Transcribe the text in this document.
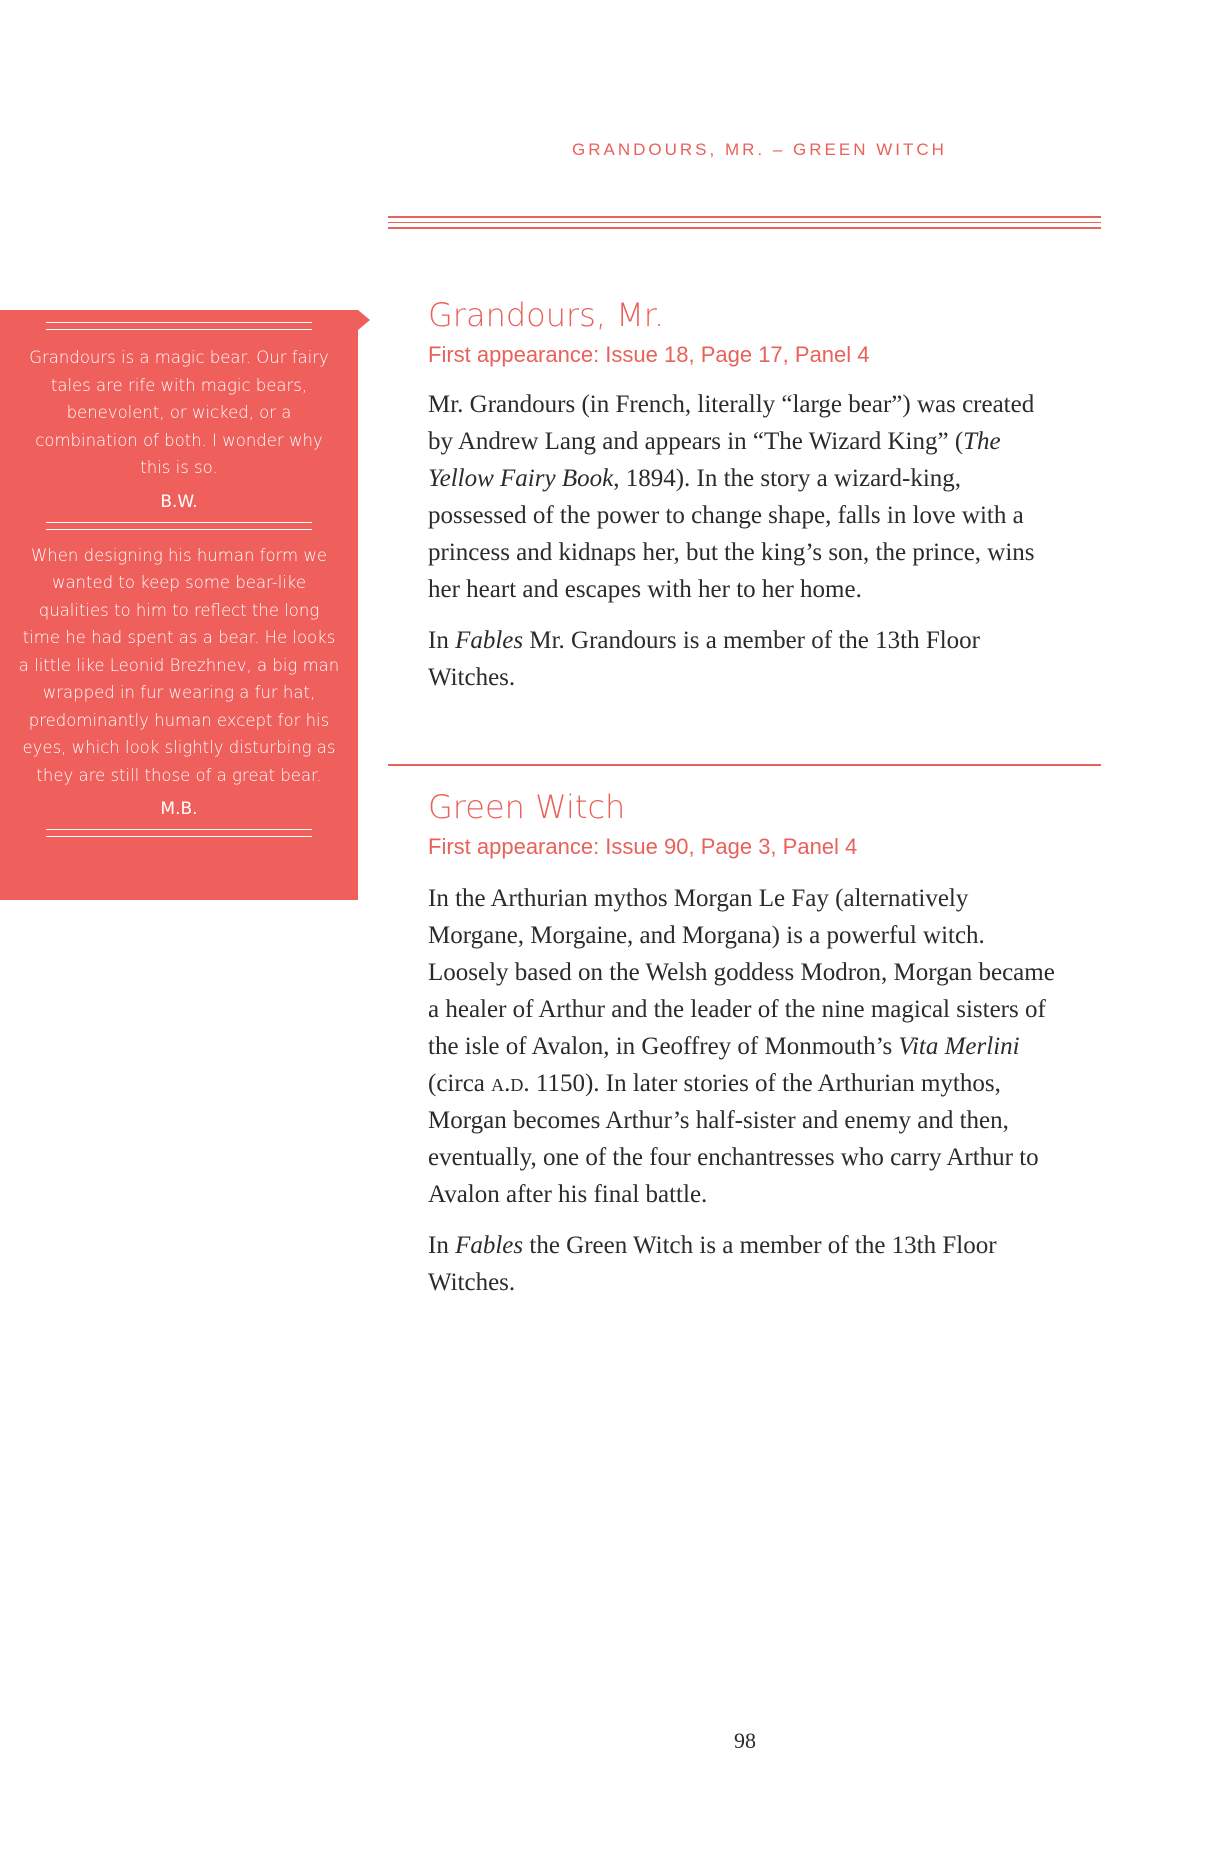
GRANDOURS, MR. – GREEN WITCH

Grandours is a magic bear. Our fairy tales are rife with magic bears, benevolent, or wicked, or a combination of both. I wonder why this is so.

B.W.

When designing his human form we wanted to keep some bear-like qualities to him to reflect the long time he had spent as a bear. He looks a little like Leonid Brezhnev, a big man wrapped in fur wearing a fur hat, predominantly human except for his eyes, which look slightly disturbing as they are still those of a great bear.

M.B.
Grandours, Mr.
First appearance: Issue 18, Page 17, Panel 4

Mr. Grandours (in French, literally “large bear”) was created by Andrew Lang and appears in “The Wizard King” (The Yellow Fairy Book, 1894). In the story a wizard-king, possessed of the power to change shape, falls in love with a princess and kidnaps her, but the king’s son, the prince, wins her heart and escapes with her to her home.

In Fables Mr. Grandours is a member of the 13th Floor Witches.

Green Witch
First appearance: Issue 90, Page 3, Panel 4

In the Arthurian mythos Morgan Le Fay (alternatively Morgane, Morgaine, and Morgana) is a powerful witch. Loosely based on the Welsh goddess Modron, Morgan became a healer of Arthur and the leader of the nine magical sisters of the isle of Avalon, in Geoffrey of Monmouth’s Vita Merlini (circa a.d. 1150). In later stories of the Arthurian mythos, Morgan becomes Arthur’s half-sister and enemy and then, eventually, one of the four enchantresses who carry Arthur to Avalon after his final battle.

In Fables the Green Witch is a member of the 13th Floor Witches.

98
